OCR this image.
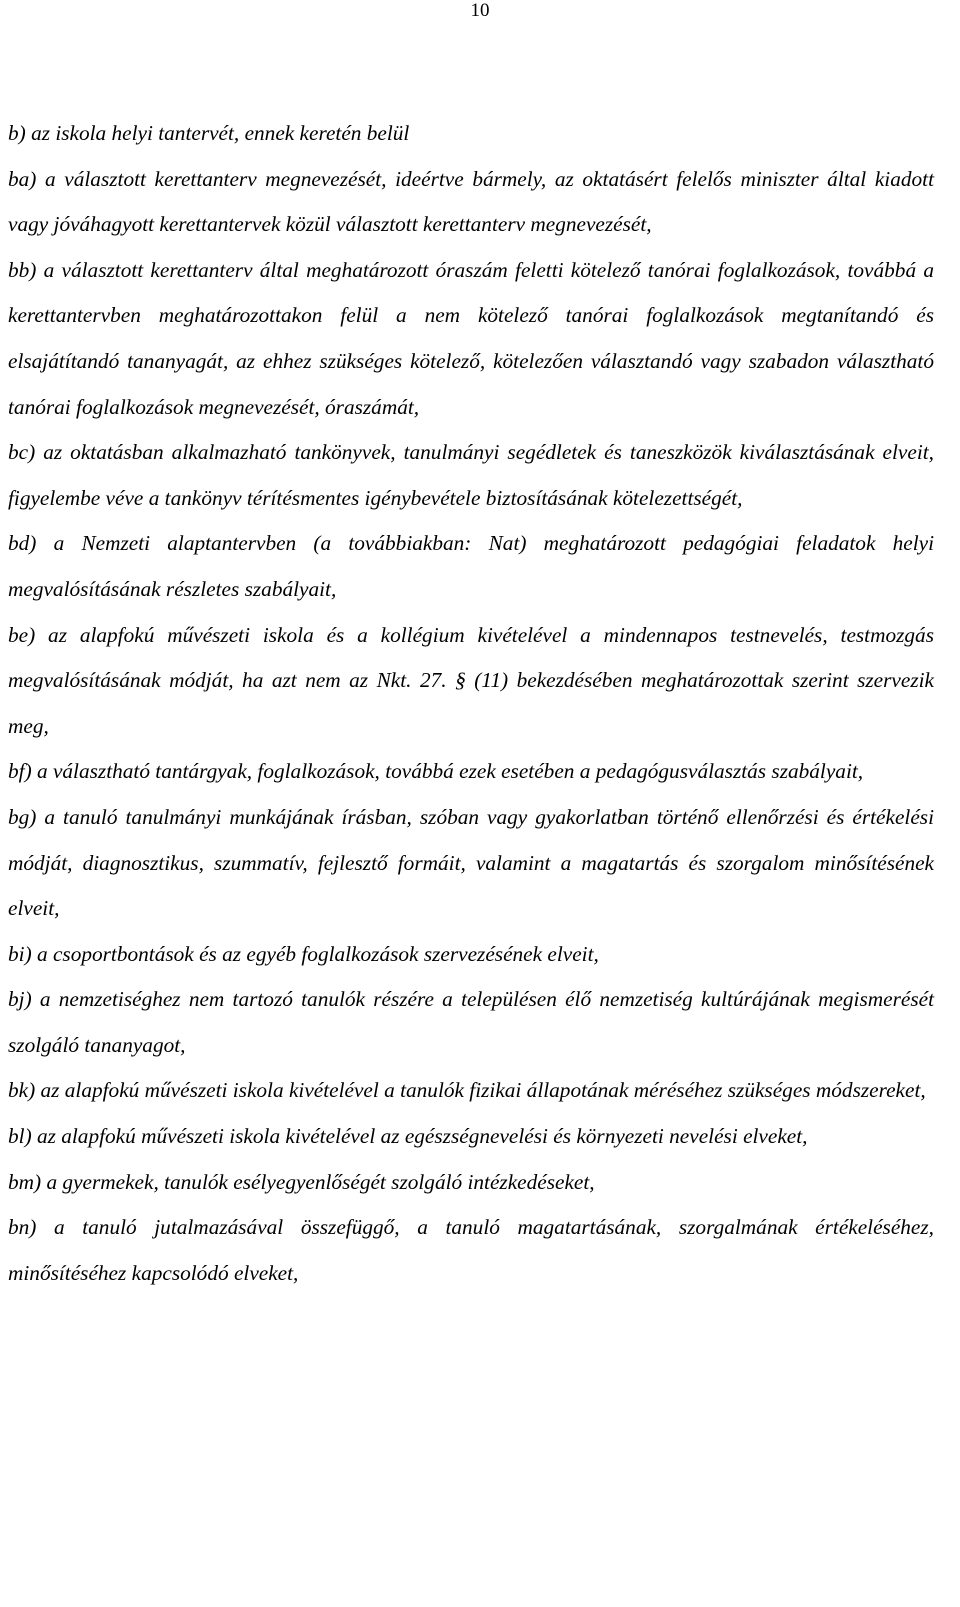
10

b) az iskola helyi tantervét, ennek keretén belül

ba) a választott kerettanterv megnevezését, ideértve bármely, az oktatásért felelős miniszter által kiadott vagy jóváhagyott kerettantervek közül választott kerettanterv megnevezését,

bb) a választott kerettanterv által meghatározott óraszám feletti kötelező tanórai foglalkozások, továbbá a kerettantervben meghatározottakon felül a nem kötelező tanórai foglalkozások megtanítandó és elsajátítandó tananyagát, az ehhez szükséges kötelező, kötelezően választandó vagy szabadon választható tanórai foglalkozások megnevezését, óraszámát,

bc) az oktatásban alkalmazható tankönyvek, tanulmányi segédletek és taneszközök kiválasztásának elveit, figyelembe véve a tankönyv térítésmentes igénybevétele biztosításának kötelezettségét,

bd) a Nemzeti alaptantervben (a továbbiakban: Nat) meghatározott pedagógiai feladatok helyi megvalósításának részletes szabályait,

be) az alapfokú művészeti iskola és a kollégium kivételével a mindennapos testnevelés, testmozgás megvalósításának módját, ha azt nem az Nkt. 27. § (11) bekezdésében meghatározottak szerint szervezik meg,

bf) a választható tantárgyak, foglalkozások, továbbá ezek esetében a pedagógusválasztás szabályait,

bg) a tanuló tanulmányi munkájának írásban, szóban vagy gyakorlatban történő ellenőrzési és értékelési módját, diagnosztikus, szummatív, fejlesztő formáit, valamint a magatartás és szorgalom minősítésének elveit,

bi) a csoportbontások és az egyéb foglalkozások szervezésének elveit,

bj) a nemzetiséghez nem tartozó tanulók részére a településen élő nemzetiség kultúrájának megismerését szolgáló tananyagot,

bk) az alapfokú művészeti iskola kivételével a tanulók fizikai állapotának méréséhez szükséges módszereket,

bl) az alapfokú művészeti iskola kivételével az egészségnevelési és környezeti nevelési elveket,

bm) a gyermekek, tanulók esélyegyenlőségét szolgáló intézkedéseket,

bn) a tanuló jutalmazásával összefüggő, a tanuló magatartásának, szorgalmának értékeléséhez, minősítéséhez kapcsolódó elveket,
